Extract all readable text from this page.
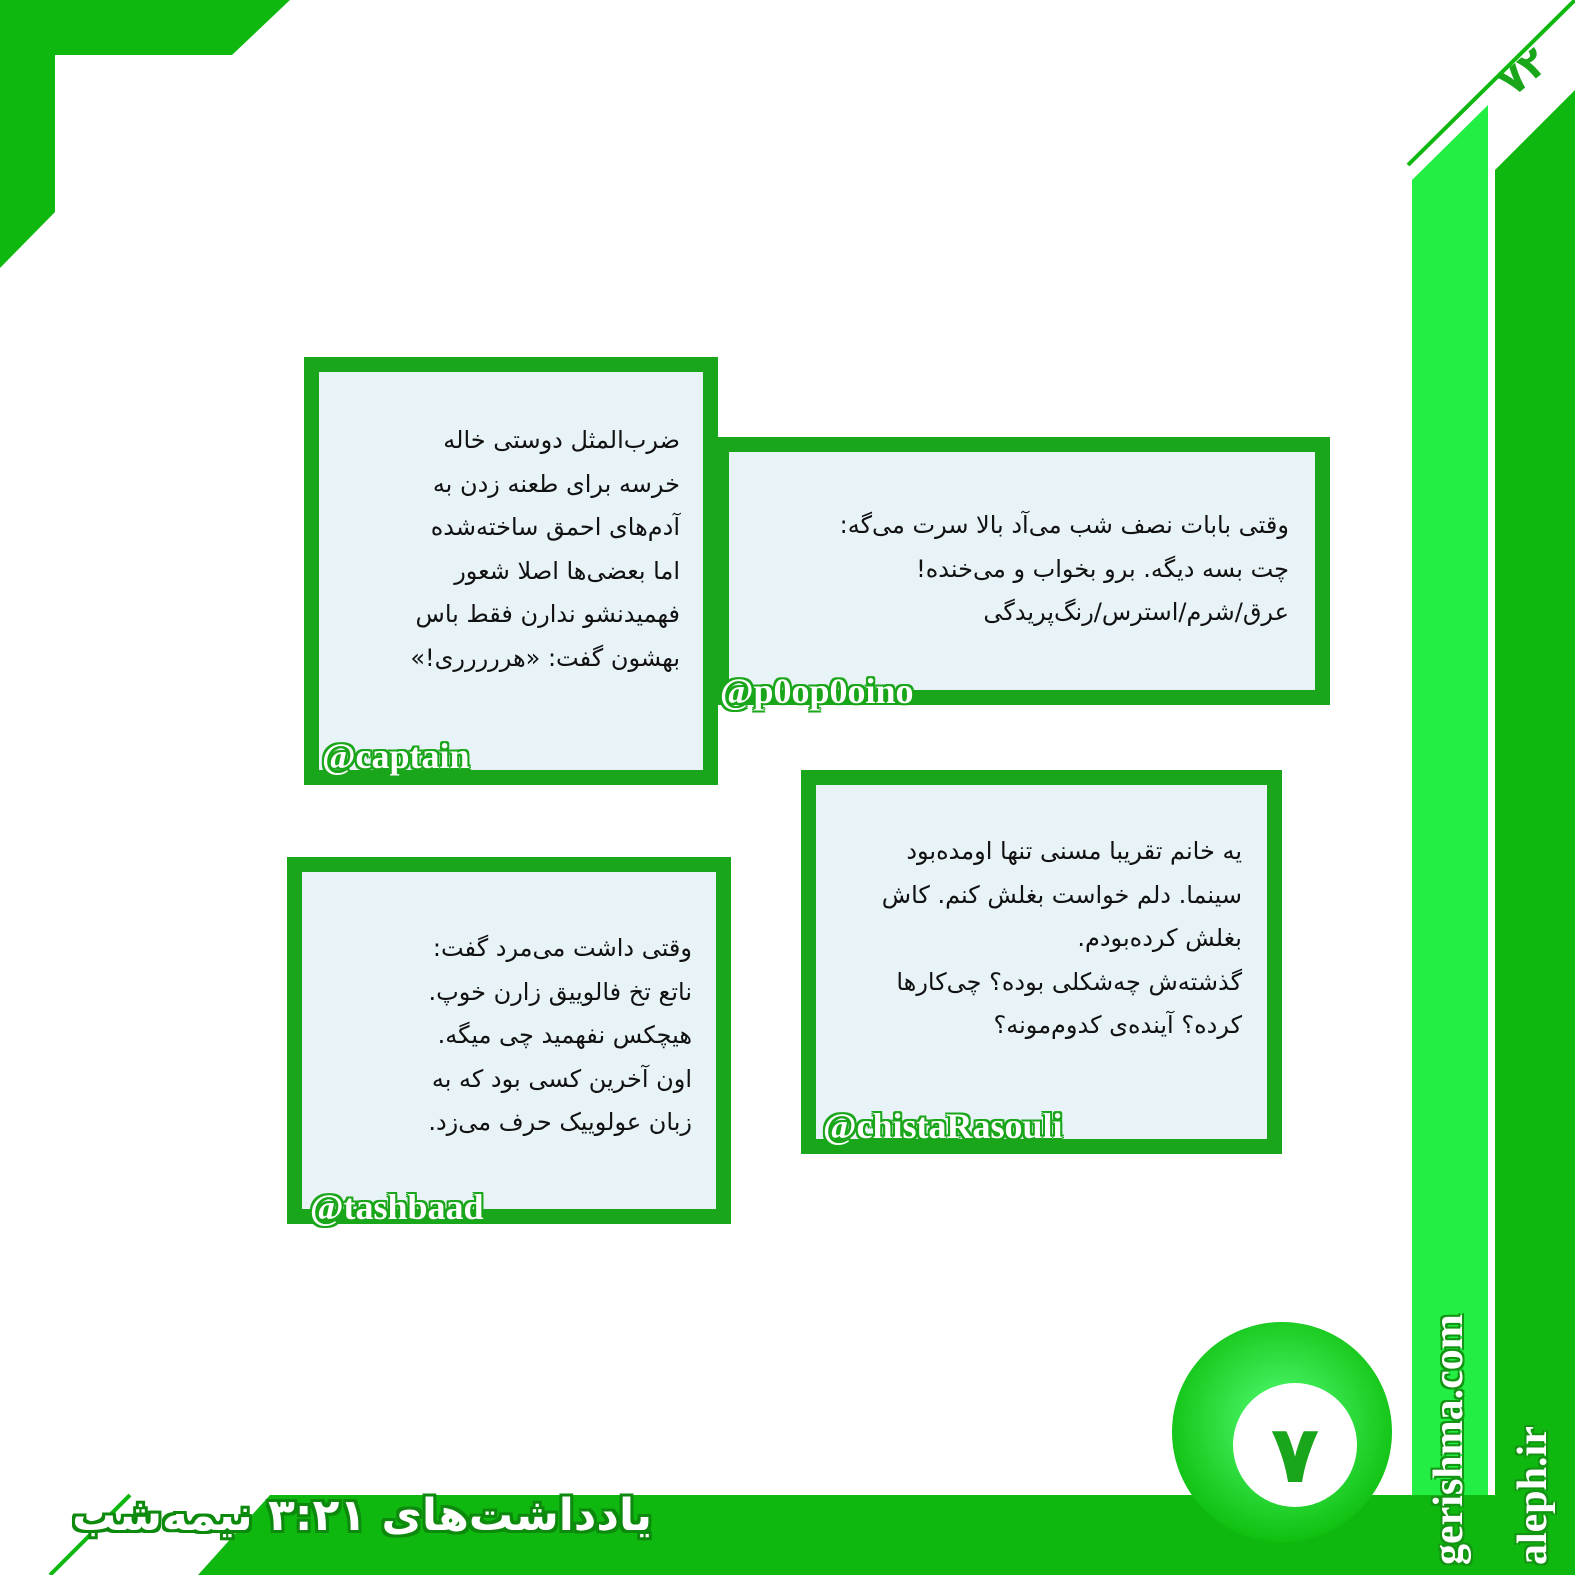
۷۲
ضرب‌المثل دوستی خاله
خرسه برای طعنه زدن به
آدم‌های احمق ساخته‌شده
اما بعضی‌ها اصلا شعور
فهمیدنشو ندارن فقط باس
بهشون گفت: «هررررری!»
@captain
وقتی بابات نصف شب می‌آد بالا سرت می‌گه:
چت بسه دیگه. برو بخواب و می‌خنده!
عرق/شرم/استرس/رنگ‌پریدگی
@p0op0oino
یه خانم تقریبا مسنی تنها اومده‌بود
سینما. دلم خواست بغلش کنم. کاش
بغلش کرده‌بودم.
گذشته‌ش چه‌شکلی بوده؟ چی‌کارها
کرده؟ آینده‌ی کدوم‌مونه؟
@chistaRasouli
وقتی داشت می‌مرد گفت:
ناتع تخ فالوییق زارن خوپ.
هیچکس نفهمید چی میگه.
اون آخرین کسی بود که به
زبان عولوییک حرف می‌زد.
@tashbaad
۷	gerishma.com aleph.ir
یادداشت‌های ۳:۲۱ نیمه‌شب
